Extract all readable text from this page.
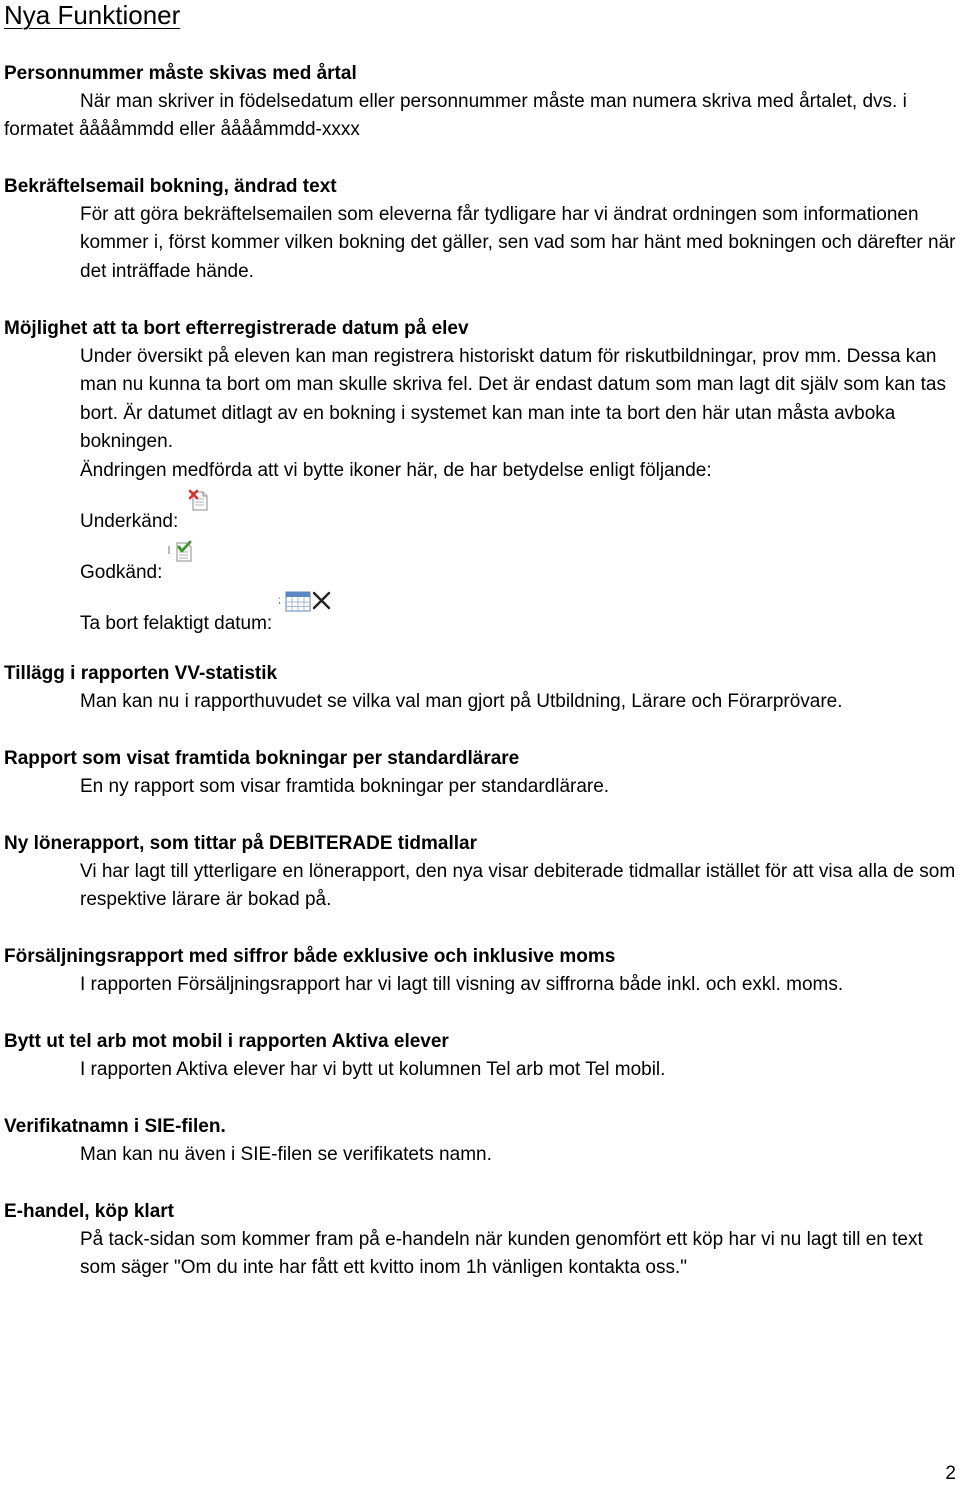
Nya Funktioner

Personnummer måste skivas med årtal

När man skriver in födelsedatum eller personnummer måste man numera skriva med årtalet, dvs. i formatet ååååmmdd eller ååååmmdd-xxxx

Bekräftelsemail bokning, ändrad text

För att göra bekräftelsemailen som eleverna får tydligare har vi ändrat ordningen som informationen kommer i, först kommer vilken bokning det gäller, sen vad som har hänt med bokningen och därefter när det inträffade hände.

Möjlighet att ta bort efterregistrerade datum på elev

Under översikt på eleven kan man registrera historiskt datum för riskutbildningar, prov mm. Dessa kan man nu kunna ta bort om man skulle skriva fel. Det är endast datum som man lagt dit själv som kan tas bort. Är datumet ditlagt av en bokning i systemet kan man inte ta bort den här utan måsta avboka bokningen.

Ändringen medförda att vi bytte ikoner här, de har betydelse enligt följande:

Underkänd:
Godkänd:
Ta bort felaktigt datum:
;

Tillägg i rapporten VV-statistik

Man kan nu i rapporthuvudet se vilka val man gjort på Utbildning, Lärare och Förarprövare.

Rapport som visat framtida bokningar per standardlärare

En ny rapport som visar framtida bokningar per standardlärare.

Ny lönerapport, som tittar på DEBITERADE tidmallar

Vi har lagt till ytterligare en lönerapport, den nya visar debiterade tidmallar istället för att visa alla de som respektive lärare är bokad på.

Försäljningsrapport med siffror både exklusive och inklusive moms

I rapporten Försäljningsrapport har vi lagt till visning av siffrorna både inkl. och exkl. moms.

Bytt ut tel arb mot mobil i rapporten Aktiva elever

I rapporten Aktiva elever har vi bytt ut kolumnen Tel arb mot Tel mobil.

Verifikatnamn i SIE-filen.

Man kan nu även i SIE-filen se verifikatets namn.

E-handel, köp klart

På tack-sidan som kommer fram på e-handeln när kunden genomfört ett köp har vi nu lagt till en text som säger "Om du inte har fått ett kvitto inom 1h vänligen kontakta oss."

2
